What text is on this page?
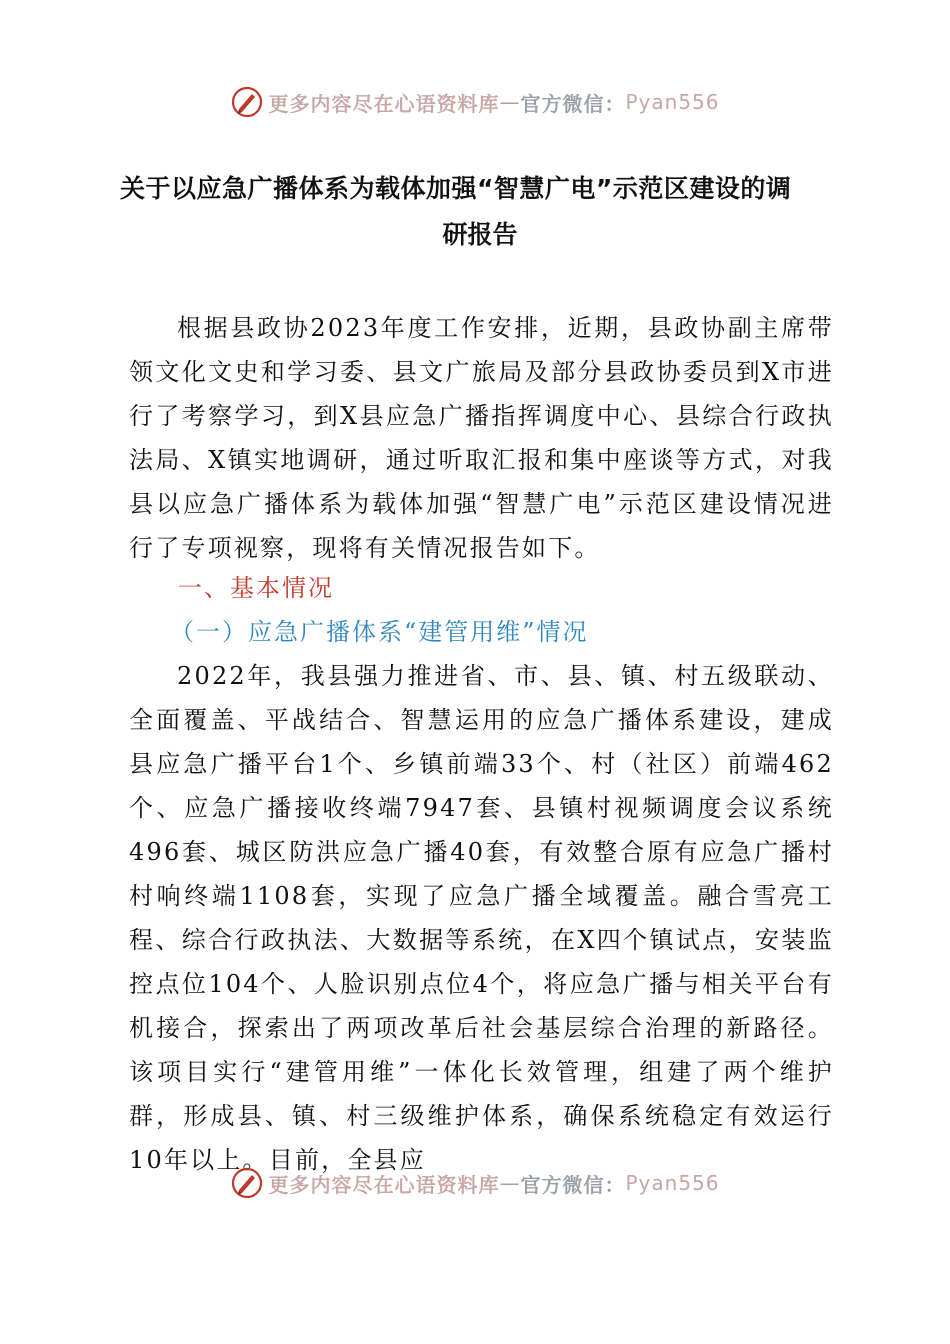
更多内容尽在心语资料库 — 官方微信： Pyan556
关于以应急广播体系为载体加强“智慧广电”示范区建设的调
研报告

根据县政协2023年度工作安排，近期，县政协副主席带领文化文史和学习委、县文广旅局及部分县政协委员到X市进行了考察学习，到X县应急广播指挥调度中心、县综合行政执法局、X镇实地调研，通过听取汇报和集中座谈等方式，对我县以应急广播体系为载体加强“智慧广电”示范区建设情况进行了专项视察，现将有关情况报告如下。

一、基本情况
（一）应急广播体系“建管用维”情况

2022年，我县强力推进省、市、县、镇、村五级联动、全面覆盖、平战结合、智慧运用的应急广播体系建设，建成县应急广播平台1个、乡镇前端33个、村（社区）前端462个、应急广播接收终端7947套、县镇村视频调度会议系统496套、城区防洪应急广播40套，有效整合原有应急广播村村响终端1108套，实现了应急广播全域覆盖。融合雪亮工程、综合行政执法、大数据等系统，在X四个镇试点，安装监控点位104个、人脸识别点位4个，将应急广播与相关平台有机接合，探索出了两项改革后社会基层综合治理的新路径。该项目实行“建管用维”一体化长效管理，组建了两个维护群，形成县、镇、村三级维护体系，确保系统稳定有效运行10年以上。目前，全县应

更多内容尽在心语资料库 — 官方微信： Pyan556
